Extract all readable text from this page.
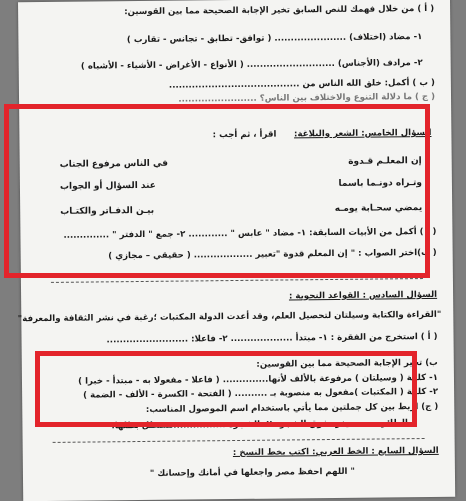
( أ ) من خلال فهمك للنص السابق تخير الإجابة الصحيحة مما بين القوسين:
١- مضاد (اختلاف) ...................... ( توافق- تطابق - تجانس - تقارب )
٢- مرادف (الأجناس) ........................... ( الأنواع - الأغراض - الأشياء - الأشباه )
( ب ) أكمل: خلق الله الناس من ........................................
( ج ) ما دلالة التنوع والاختلاف بين الناس؟ ........................
السؤال الخامس: الشعر والبلاغة:
اقرأ ، ثم أجب :
إن المعلـم قـدوة
في الناس مرفوع الجناب
وتـراه دونـما باسما
عند السؤال أو الجواب
يمضي سحـابة يومـه
بيـن الدفـاتر والكتـاب
( أ ) أكمل من الأبيات السابقة: ١- مضاد " عابس " ............ ٢- جمع " الدفتر " ..............
( ب)اختر الصواب : " إن المعلم قدوة "تعبير .................. ( حقيقي – مجازي )
السؤال السادس : القواعد النحوية :
"القراءة والكتابة وسيلتان لتحصيل العلم، وقد أعدت الدولة المكتبات ؛رغبة في نشر الثقافة والمعرفة"
( أ ) استخرج من الفقرة : ١- مبتدأ ................... ٢- فاعلا: .........................
ب) تخير الإجابة الصحيحة مما بين القوسين:
١- كلمة ( وسيلتان ) مرفوعة بالألف لأنها.............. ( فاعلا - مفعولا به - مبتدأ - خبرا )
٢- كلمة ( المكتبات )مفعول به منصوبة بـ .......... ( الفتحة - الكسرة - الألف - الضمة )
( ج) اربط بين كل جملتين مما يأتي باستخدام اسم الموصول المناسب:
- الطائر..........يغرد فوق الشجرة ٢- الشجرة ................تستظل بظلها.
السؤال السابع : الخط العربي: اكتب بخط النسخ :
" اللهم احفظ مصر واجعلها في أمانك وإحسانك "
